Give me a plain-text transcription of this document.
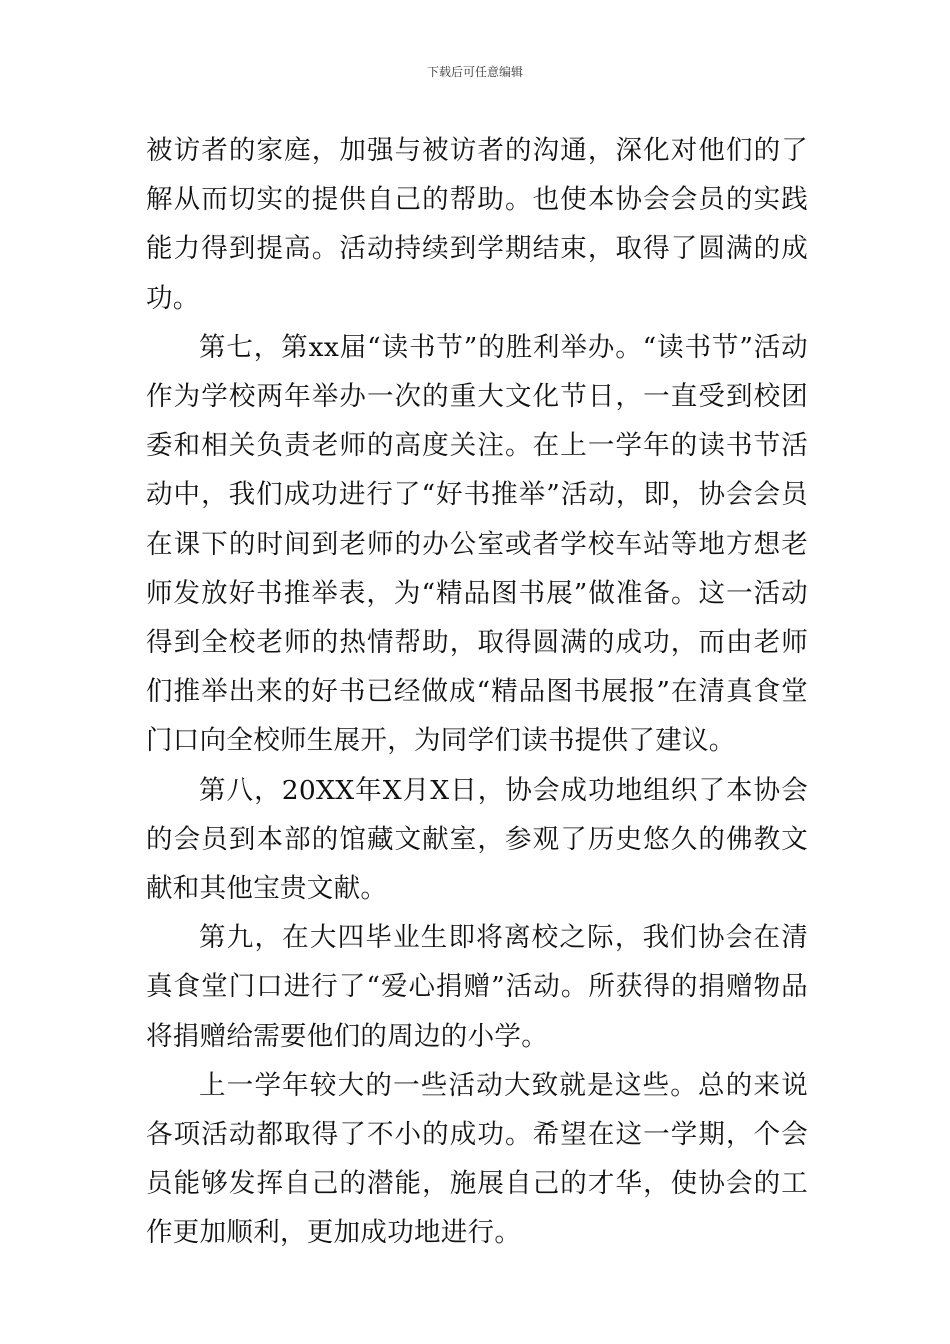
下载后可任意编辑

被访者的家庭，加强与被访者的沟通，深化对他们的了解从而切实的提供自己的帮助。也使本协会会员的实践能力得到提高。活动持续到学期结束，取得了圆满的成功。

第七，第xx届“读书节”的胜利举办。“读书节”活动作为学校两年举办一次的重大文化节日，一直受到校团委和相关负责老师的高度关注。在上一学年的读书节活动中，我们成功进行了“好书推举”活动，即，协会会员在课下的时间到老师的办公室或者学校车站等地方想老师发放好书推举表，为“精品图书展”做准备。这一活动得到全校老师的热情帮助，取得圆满的成功，而由老师们推举出来的好书已经做成“精品图书展报”在清真食堂门口向全校师生展开，为同学们读书提供了建议。

第八，20XX年X月X日，协会成功地组织了本协会的会员到本部的馆藏文献室，参观了历史悠久的佛教文献和其他宝贵文献。

第九，在大四毕业生即将离校之际，我们协会在清真食堂门口进行了“爱心捐赠”活动。所获得的捐赠物品将捐赠给需要他们的周边的小学。

上一学年较大的一些活动大致就是这些。总的来说各项活动都取得了不小的成功。希望在这一学期，个会员能够发挥自己的潜能，施展自己的才华，使协会的工作更加顺利，更加成功地进行。
